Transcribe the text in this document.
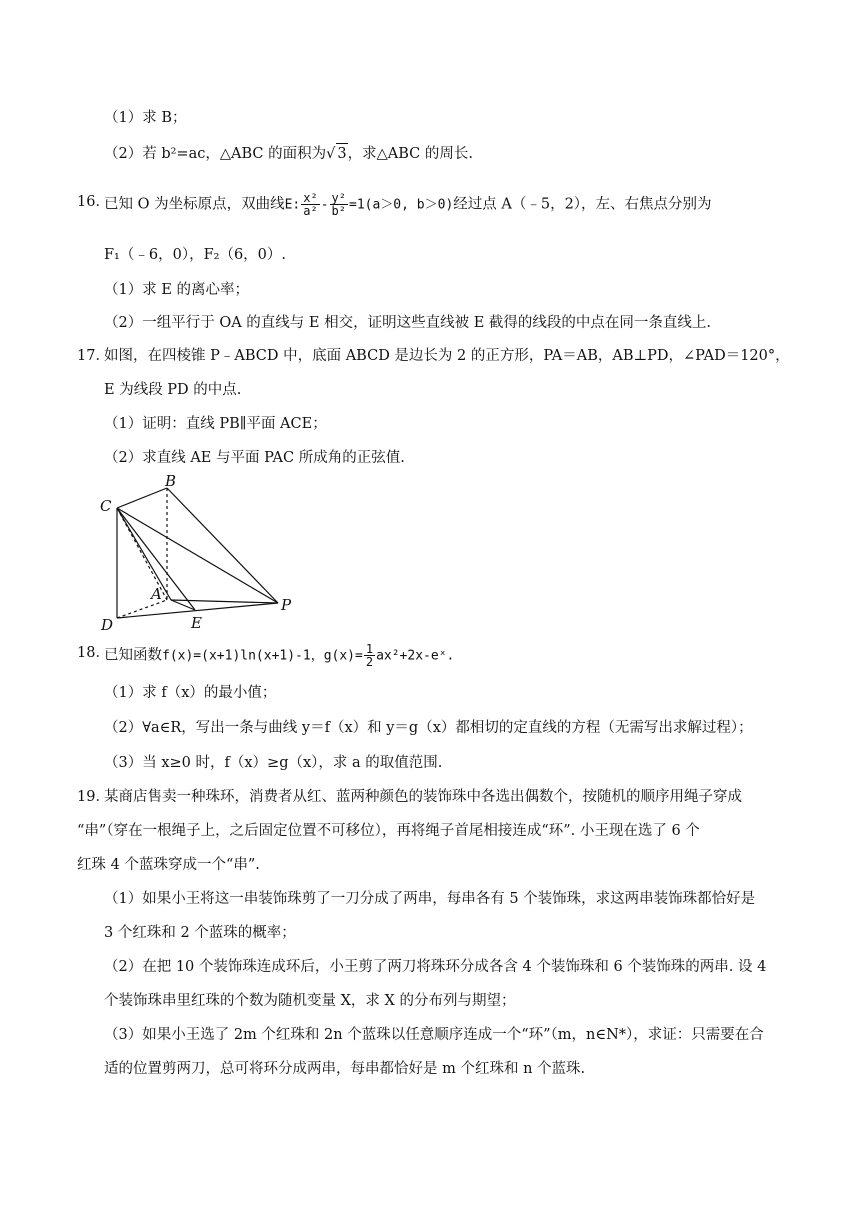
（1）求 B；
（2）若 b²=ac，△ABC 的面积为√ 3，求△ABC 的周长.
16．
已知 O 为坐标原点，双曲线E: $\frac{\text{x²}}{\text{a²}} - \frac{\text{y²}}{\text{b²}} =1(a>0$, b＞0)经过点 A（﹣5，2），左、右焦点分别为
F₁（﹣6，0），F₂（6，0）.
（1）求 E 的离心率；
（2）一组平行于 OA 的直线与 E 相交，证明这些直线被 E 截得的线段的中点在同一条直线上.
17．
如图，在四棱锥 P﹣ABCD 中，底面 ABCD 是边长为 2 的正方形，PA＝AB，AB⊥PD，∠PAD＝120°，
E 为线段 PD 的中点.
（1）证明：直线 PB∥平面 ACE；
（2）求直线 AE 与平面 PAC 所成角的正弦值.
B
C
A
E
D
P
18．
已知函数f(x)=(x+1)ln(x+1)-1，$g(x)= \frac{1}{2}$ ax²+2x-eˣ.
（1）求 f（x）的最小值；
（2）∀a∈R，写出一条与曲线 y＝f（x）和 y＝g（x）都相切的定直线的方程（无需写出求解过程）；
（3）当 x≥0 时，f（x）≥g（x），求 a 的取值范围.
19．
某商店售卖一种珠环，消费者从红、蓝两种颜色的装饰珠中各选出偶数个，按随机的顺序用绳子穿成
“串”（穿在一根绳子上，之后固定位置不可移位），再将绳子首尾相接连成“环”. 小王现在选了 6 个
红珠 4 个蓝珠穿成一个“串”.
（1）如果小王将这一串装饰珠剪了一刀分成了两串，每串各有 5 个装饰珠，求这两串装饰珠都恰好是
3 个红珠和 2 个蓝珠的概率；
（2）在把 10 个装饰珠连成环后，小王剪了两刀将珠环分成各含 4 个装饰珠和 6 个装饰珠的两串. 设 4
个装饰珠串里红珠的个数为随机变量 X，求 X 的分布列与期望；
（3）如果小王选了 2m 个红珠和 2n 个蓝珠以任意顺序连成一个“环”（m，n∈N*），求证：只需要在合
适的位置剪两刀，总可将环分成两串，每串都恰好是 m 个红珠和 n 个蓝珠.
